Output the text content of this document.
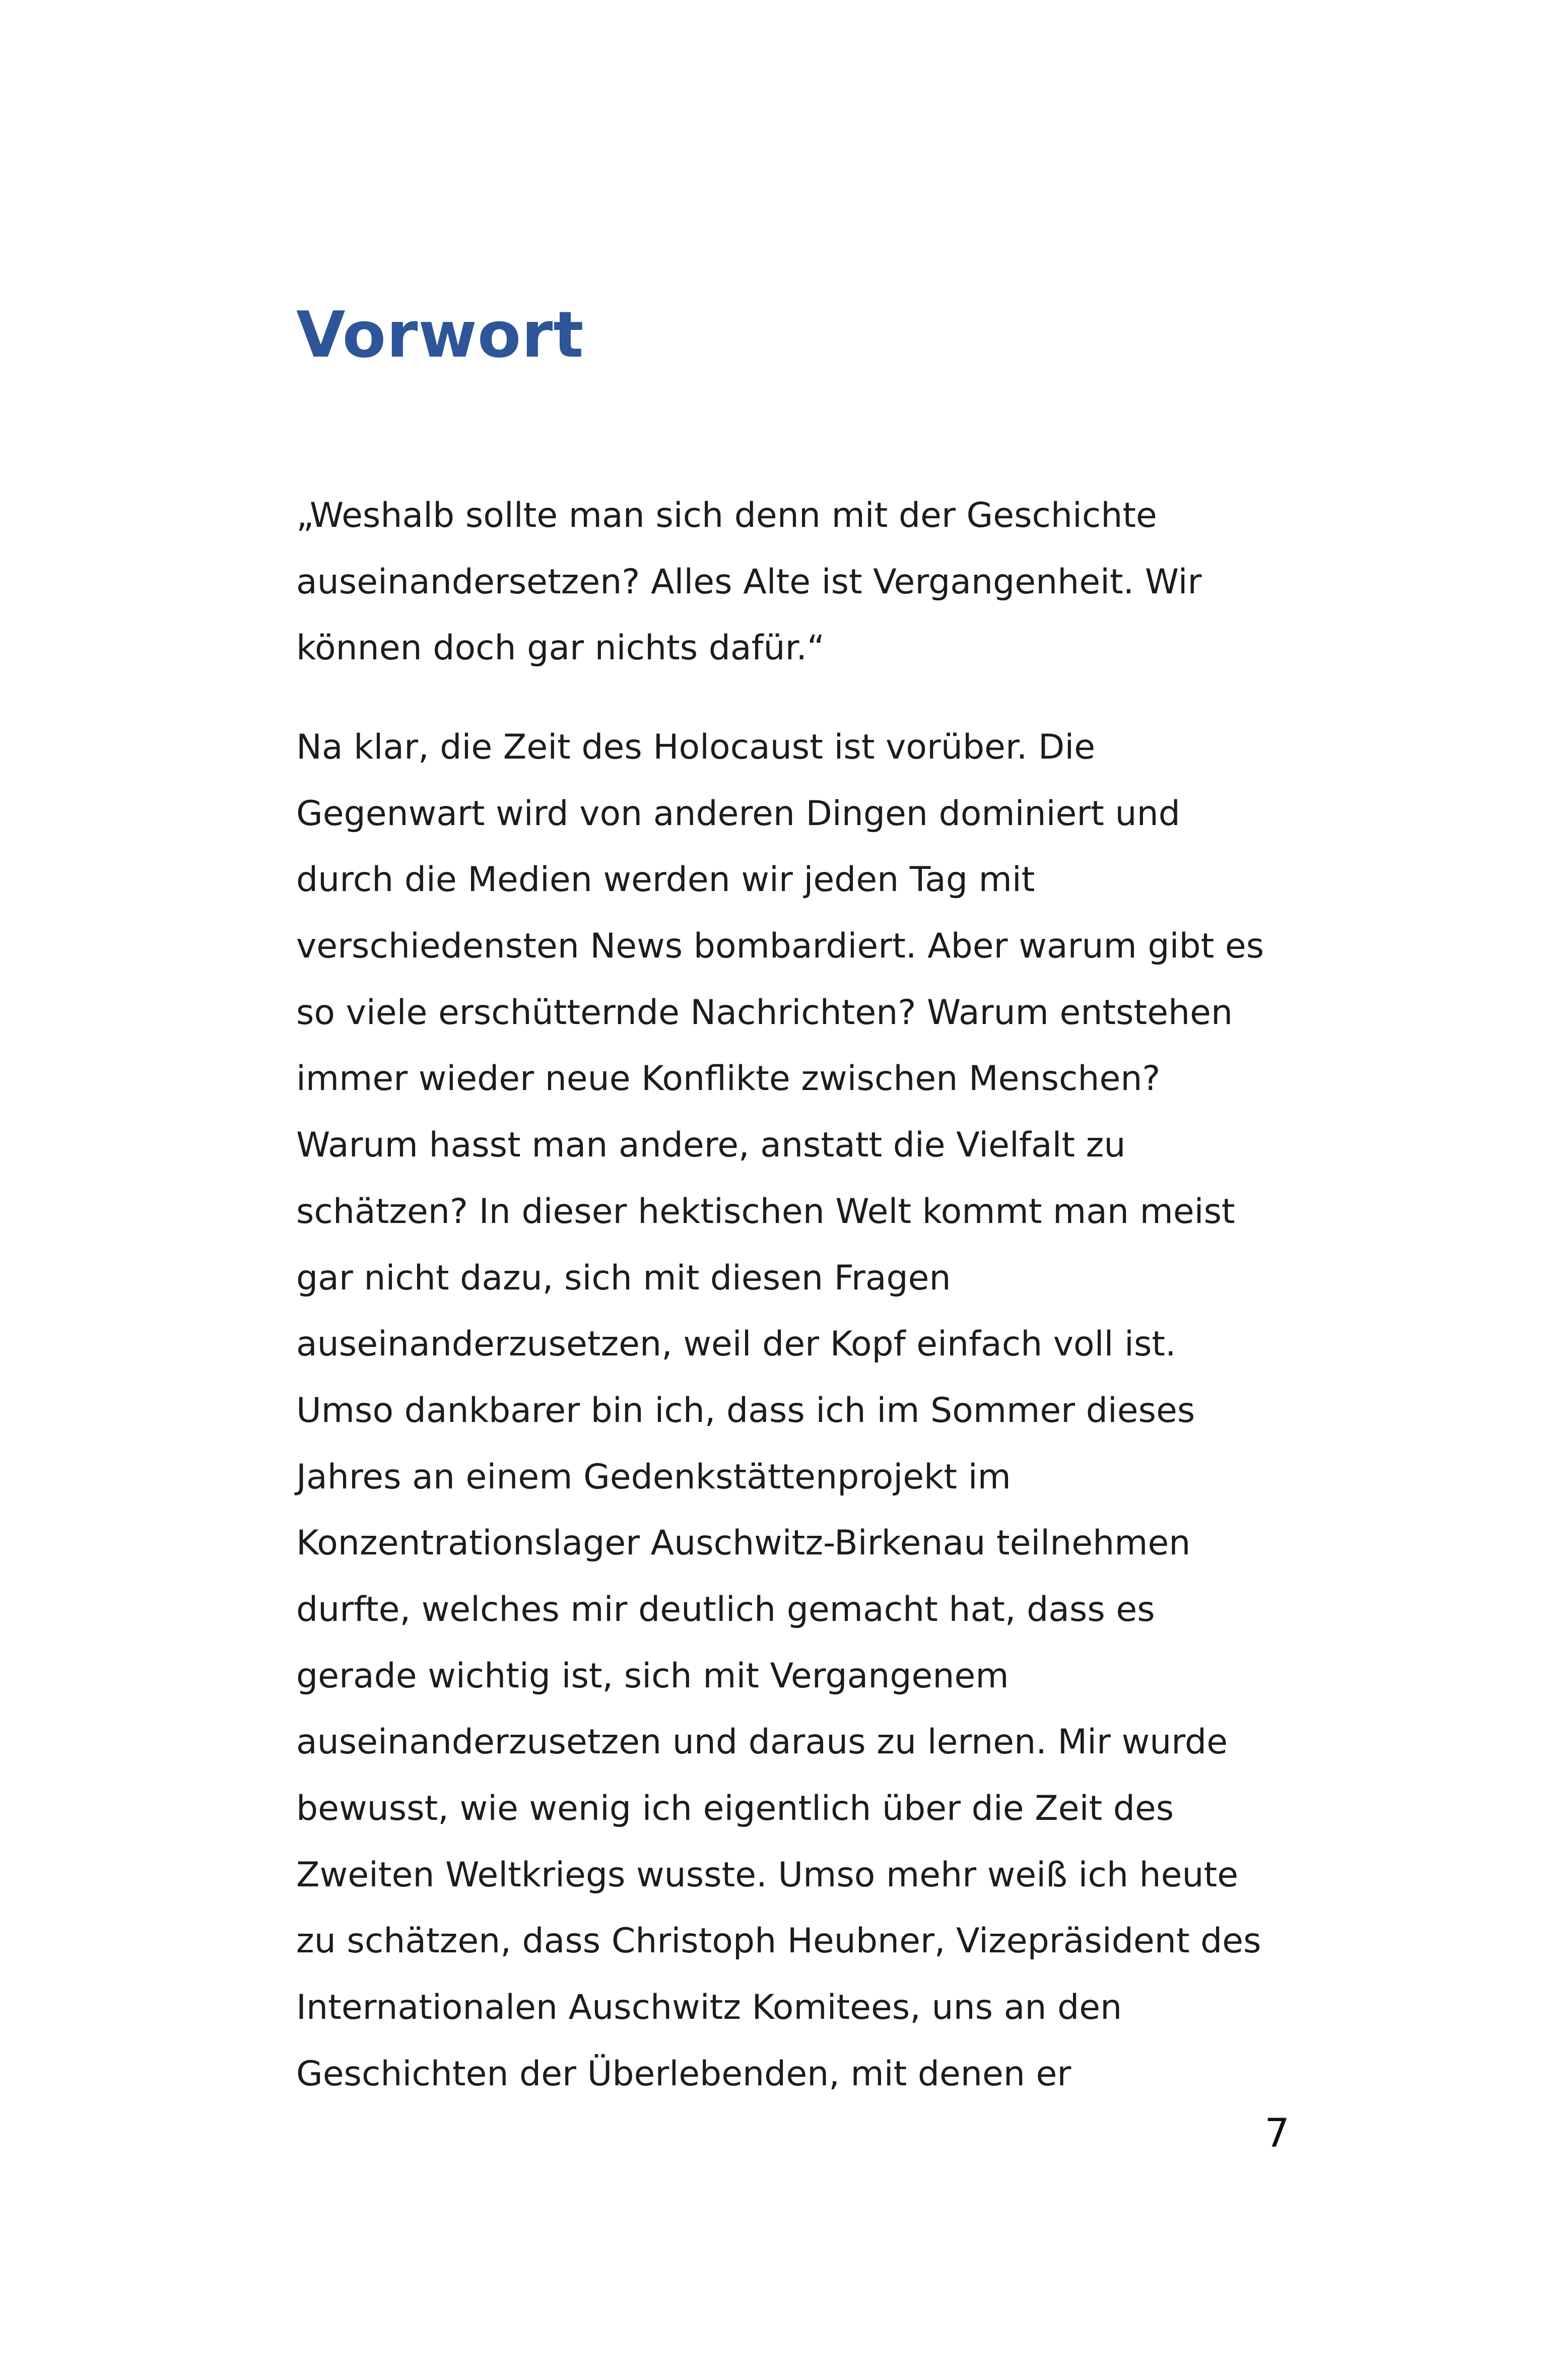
Vorwort
„Weshalb sollte man sich denn mit der Geschichte
auseinandersetzen? Alles Alte ist Vergangenheit. Wir
können doch gar nichts dafür.“
Na klar, die Zeit des Holocaust ist vorüber. Die
Gegenwart wird von anderen Dingen dominiert und
durch die Medien werden wir jeden Tag mit
verschiedensten News bombardiert. Aber warum gibt es
so viele erschütternde Nachrichten? Warum entstehen
immer wieder neue Konflikte zwischen Menschen?
Warum hasst man andere, anstatt die Vielfalt zu
schätzen? In dieser hektischen Welt kommt man meist
gar nicht dazu, sich mit diesen Fragen
auseinanderzusetzen, weil der Kopf einfach voll ist.
Umso dankbarer bin ich, dass ich im Sommer dieses
Jahres an einem Gedenkstättenprojekt im
Konzentrationslager Auschwitz-Birkenau teilnehmen
durfte, welches mir deutlich gemacht hat, dass es
gerade wichtig ist, sich mit Vergangenem
auseinanderzusetzen und daraus zu lernen. Mir wurde
bewusst, wie wenig ich eigentlich über die Zeit des
Zweiten Weltkriegs wusste. Umso mehr weiß ich heute
zu schätzen, dass Christoph Heubner, Vizepräsident des
Internationalen Auschwitz Komitees, uns an den
Geschichten der Überlebenden, mit denen er
7
